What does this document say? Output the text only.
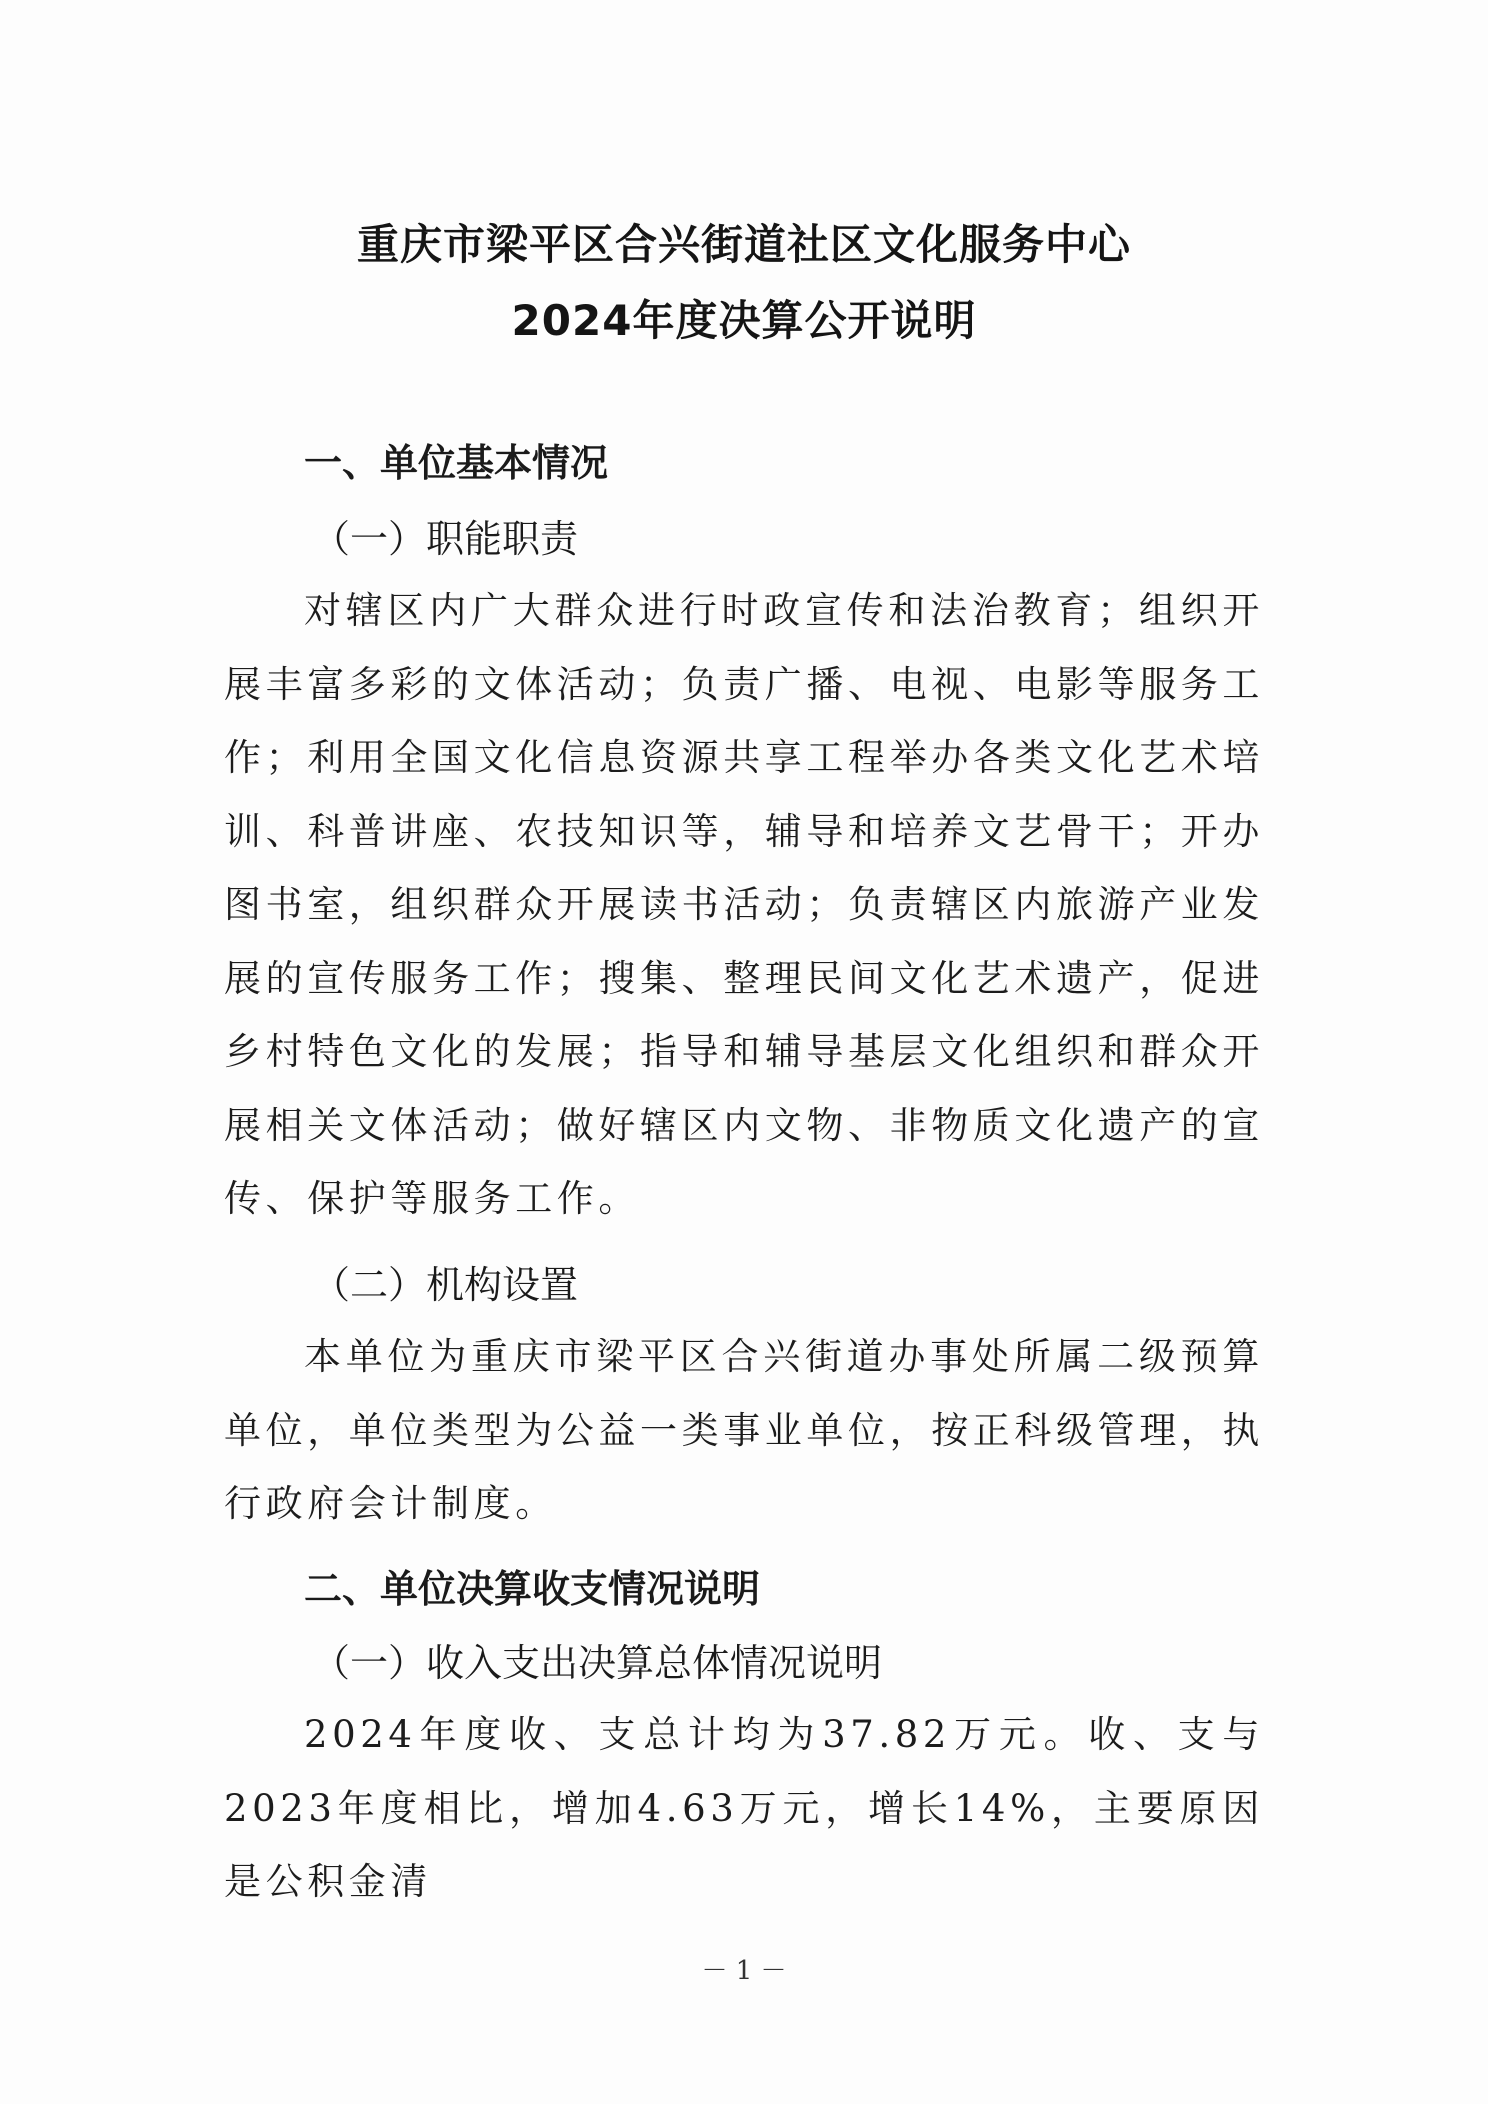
重庆市梁平区合兴街道社区文化服务中心
2024年度决算公开说明
一、单位基本情况
（一）职能职责

对辖区内广大群众进行时政宣传和法治教育；组织开展丰富多彩的文体活动；负责广播、电视、电影等服务工作；利用全国文化信息资源共享工程举办各类文化艺术培训、科普讲座、农技知识等，辅导和培养文艺骨干；开办图书室，组织群众开展读书活动；负责辖区内旅游产业发展的宣传服务工作；搜集、整理民间文化艺术遗产，促进乡村特色文化的发展；指导和辅导基层文化组织和群众开展相关文体活动；做好辖区内文物、非物质文化遗产的宣传、保护等服务工作。

（二）机构设置

本单位为重庆市梁平区合兴街道办事处所属二级预算单位，单位类型为公益一类事业单位，按正科级管理，执行政府会计制度。

二、单位决算收支情况说明
（一）收入支出决算总体情况说明

2024年度收、支总计均为37.82万元。收、支与2023年度相比，增加4.63万元，增长14%，主要原因是公积金清

－ 1 －
